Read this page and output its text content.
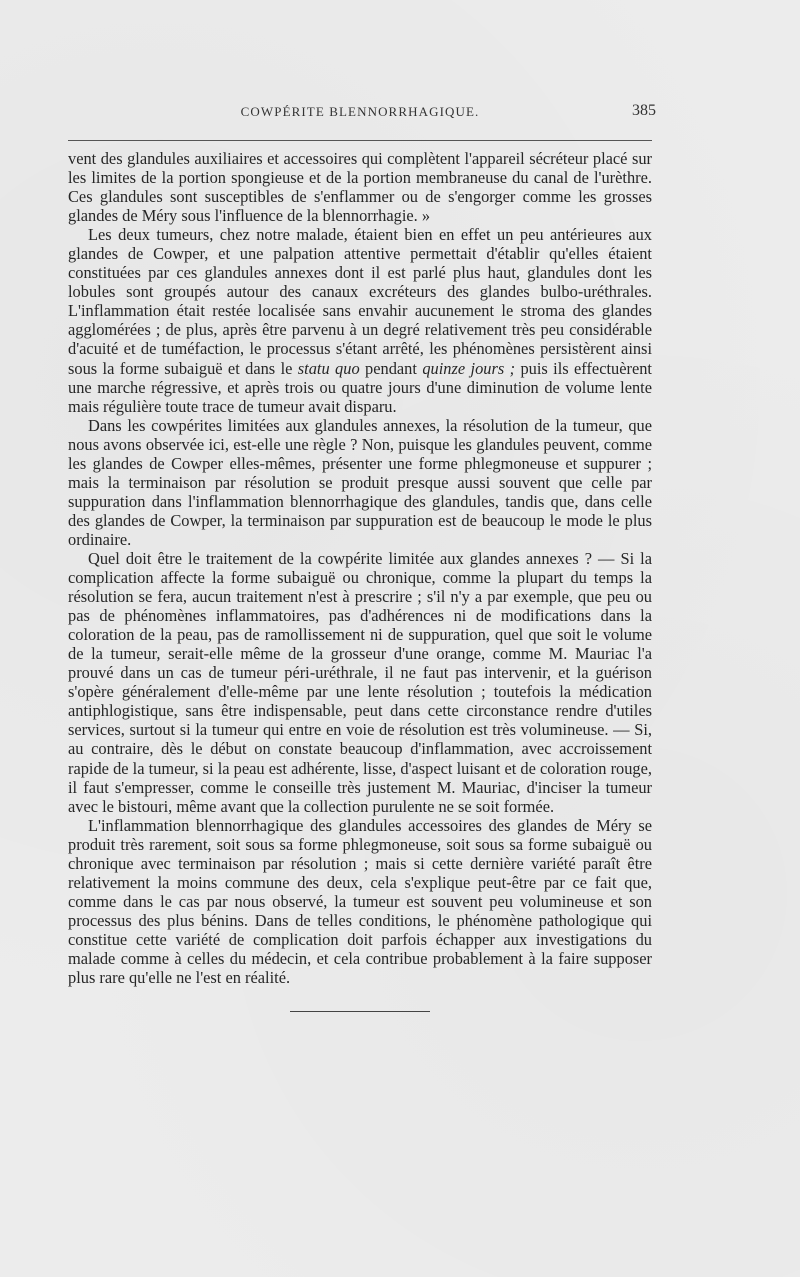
COWPÉRITE BLENNORRHAGIQUE.	385

vent des glandules auxiliaires et accessoires qui complètent l'appareil sécréteur placé sur les limites de la portion spongieuse et de la portion membraneuse du canal de l'urèthre. Ces glandules sont susceptibles de s'enflammer ou de s'engorger comme les grosses glandes de Méry sous l'influence de la blennorrhagie. »

Les deux tumeurs, chez notre malade, étaient bien en effet un peu antérieures aux glandes de Cowper, et une palpation attentive permettait d'établir qu'elles étaient constituées par ces glandules annexes dont il est parlé plus haut, glandules dont les lobules sont groupés autour des canaux excréteurs des glandes bulbo-uréthrales. L'inflammation était restée localisée sans envahir aucunement le stroma des glandes agglomérées ; de plus, après être parvenu à un degré relativement très peu considérable d'acuité et de tuméfaction, le processus s'étant arrêté, les phénomènes persistèrent ainsi sous la forme subaiguë et dans le statu quo pendant quinze jours ; puis ils effectuèrent une marche régressive, et après trois ou quatre jours d'une diminution de volume lente mais régulière toute trace de tumeur avait disparu.

Dans les cowpérites limitées aux glandules annexes, la résolution de la tumeur, que nous avons observée ici, est-elle une règle ? Non, puisque les glandules peuvent, comme les glandes de Cowper elles-mêmes, présenter une forme phlegmoneuse et suppurer ; mais la terminaison par résolution se produit presque aussi souvent que celle par suppuration dans l'inflammation blennorrhagique des glandules, tandis que, dans celle des glandes de Cowper, la terminaison par suppuration est de beaucoup le mode le plus ordinaire.

Quel doit être le traitement de la cowpérite limitée aux glandes annexes ? — Si la complication affecte la forme subaiguë ou chronique, comme la plupart du temps la résolution se fera, aucun traitement n'est à prescrire ; s'il n'y a par exemple, que peu ou pas de phénomènes inflammatoires, pas d'adhérences ni de modifications dans la coloration de la peau, pas de ramollissement ni de suppuration, quel que soit le volume de la tumeur, serait-elle même de la grosseur d'une orange, comme M. Mauriac l'a prouvé dans un cas de tumeur péri-uréthrale, il ne faut pas intervenir, et la guérison s'opère généralement d'elle-même par une lente résolution ; toutefois la médication antiphlogistique, sans être indispensable, peut dans cette circonstance rendre d'utiles services, surtout si la tumeur qui entre en voie de résolution est très volumineuse. — Si, au contraire, dès le début on constate beaucoup d'inflammation, avec accroissement rapide de la tumeur, si la peau est adhérente, lisse, d'aspect luisant et de coloration rouge, il faut s'empresser, comme le conseille très justement M. Mauriac, d'inciser la tumeur avec le bistouri, même avant que la collection purulente ne se soit formée.

L'inflammation blennorrhagique des glandules accessoires des glandes de Méry se produit très rarement, soit sous sa forme phlegmoneuse, soit sous sa forme subaiguë ou chronique avec terminaison par résolution ; mais si cette dernière variété paraît être relativement la moins commune des deux, cela s'explique peut-être par ce fait que, comme dans le cas par nous observé, la tumeur est souvent peu volumineuse et son processus des plus bénins. Dans de telles conditions, le phénomène pathologique qui constitue cette variété de complication doit parfois échapper aux investigations du malade comme à celles du médecin, et cela contribue probablement à la faire supposer plus rare qu'elle ne l'est en réalité.
